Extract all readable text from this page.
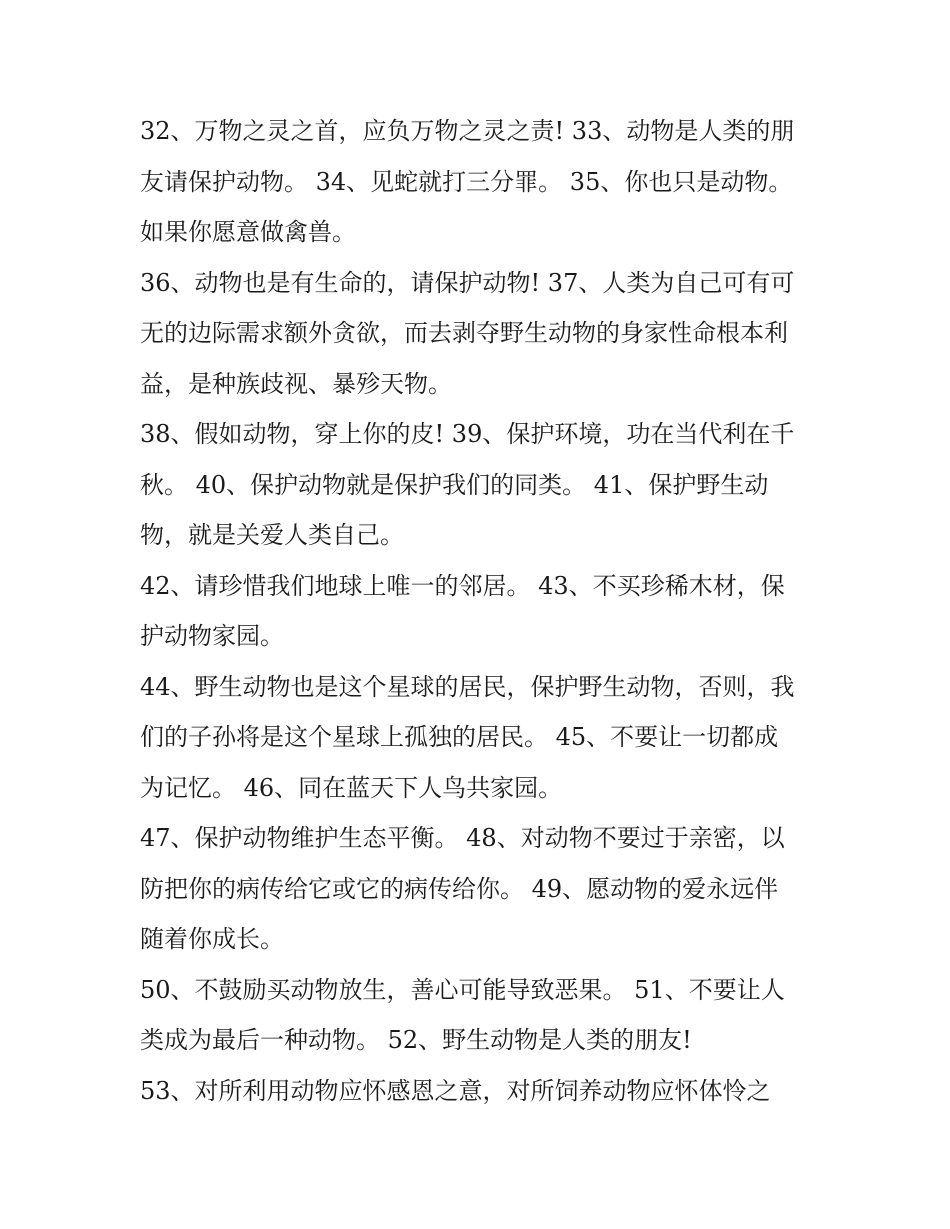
32、万物之灵之首，应负万物之灵之责! 33、动物是人类的朋
友请保护动物。 34、见蛇就打三分罪。 35、你也只是动物。
如果你愿意做禽兽。

36、动物也是有生命的，请保护动物! 37、人类为自己可有可
无的边际需求额外贪欲，而去剥夺野生动物的身家性命根本利
益，是种族歧视、暴殄天物。

38、假如动物，穿上你的皮! 39、保护环境，功在当代利在千
秋。 40、保护动物就是保护我们的同类。 41、保护野生动
物，就是关爱人类自己。

42、请珍惜我们地球上唯一的邻居。 43、不买珍稀木材，保
护动物家园。

44、野生动物也是这个星球的居民，保护野生动物，否则，我
们的子孙将是这个星球上孤独的居民。 45、不要让一切都成
为记忆。 46、同在蓝天下人鸟共家园。

47、保护动物维护生态平衡。 48、对动物不要过于亲密，以
防把你的病传给它或它的病传给你。 49、愿动物的爱永远伴
随着你成长。

50、不鼓励买动物放生，善心可能导致恶果。 51、不要让人
类成为最后一种动物。 52、野生动物是人类的朋友!

53、对所利用动物应怀感恩之意，对所饲养动物应怀体怜之
